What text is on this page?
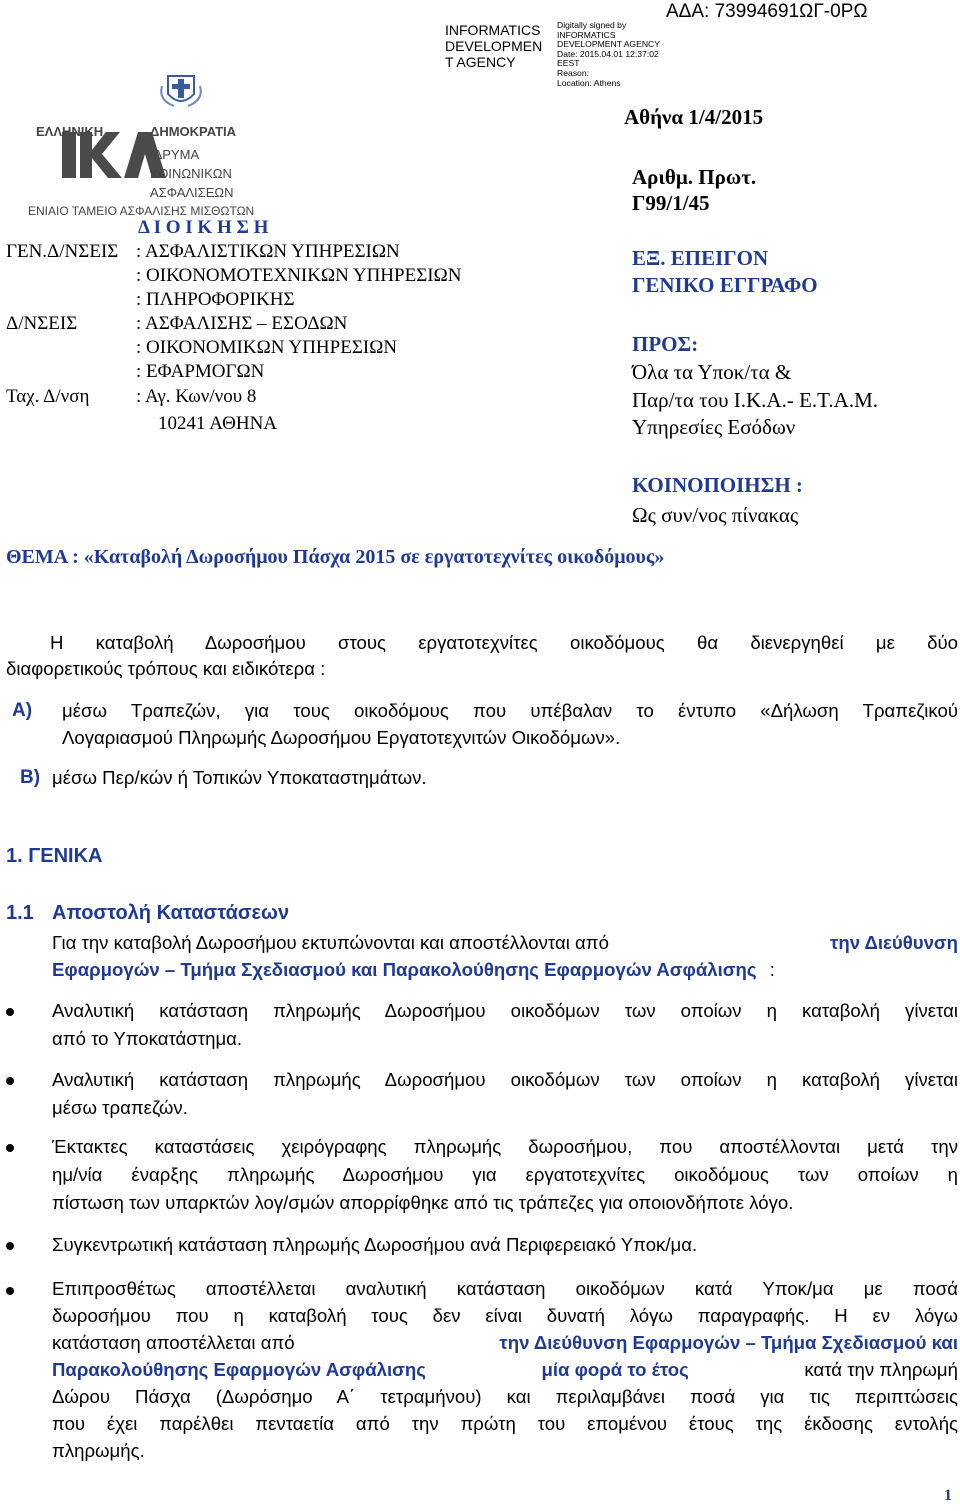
INFORMATICS
DEVELOPMEN
T AGENCY
Digitally signed by
INFORMATICS
DEVELOPMENT AGENCY
Date: 2015.04.01 12:37:02
EEST
Reason:
Location: Athens
ΑΔΑ: 73994691ΩΓ-0ΡΩ
ΕΛΛΗΝΙΚΗ	ΔΗΜΟΚΡΑΤΙΑ
ΙΔΡΥΜΑ
ΚΟΙΝΩΝΙΚΩΝ
ΑΣΦΑΛΙΣΕΩΝ
ΕΝΙΑΙΟ ΤΑΜΕΙΟ ΑΣΦΑΛΙΣΗΣ ΜΙΣΘΩΤΩΝ
Δ Ι Ο Ι Κ Η Σ Η
ΓΕΝ.Δ/ΝΣΕΙΣ : ΑΣΦΑΛΙΣΤΙΚΩΝ ΥΠΗΡΕΣΙΩΝ
: ΟΙΚΟΝΟΜΟΤΕΧΝΙΚΩΝ ΥΠΗΡΕΣΙΩΝ
: ΠΛΗΡΟΦΟΡΙΚΗΣ
Δ/ΝΣΕΙΣ	: ΑΣΦΑΛΙΣΗΣ – ΕΣΟΔΩΝ
: ΟΙΚΟΝΟΜΙΚΩΝ ΥΠΗΡΕΣΙΩΝ
: ΕΦΑΡΜΟΓΩΝ
Ταχ. Δ/νση : Αγ. Κων/νου 8
10241 ΑΘΗΝΑ
Αθήνα 1/4/2015
Αριθμ. Πρωτ.
Γ99/1/45
ΕΞ. ΕΠΕΙΓΟΝ
ΓΕΝΙΚΟ ΕΓΓΡΑΦΟ
ΠΡΟΣ:
Όλα τα Υποκ/τα &
Παρ/τα του Ι.Κ.Α.- Ε.Τ.Α.Μ.
Υπηρεσίες Εσόδων
ΚΟΙΝΟΠΟΙΗΣΗ :
Ως συν/νος πίνακας
ΘΕΜΑ : «Καταβολή Δωροσήμου Πάσχα 2015 σε εργατοτεχνίτες οικοδόμους»
Η καταβολή Δωροσήμου στους εργατοτεχνίτες οικοδόμους θα διενεργηθεί με δύο
διαφορετικούς τρόπους και ειδικότερα :
Α) μέσω Τραπεζών, για τους οικοδόμους που υπέβαλαν το έντυπο «Δήλωση Τραπεζικού
Λογαριασμού Πληρωμής Δωροσήμου Εργατοτεχνιτών Οικοδόμων».
Β) μέσω Περ/κών ή Τοπικών Υποκαταστημάτων.
1. ΓΕΝΙΚΑ
1.1 Αποστολή Καταστάσεων
Για την καταβολή Δωροσήμου εκτυπώνονται και αποστέλλονται από	την Διεύθυνση
Εφαρμογών – Τμήμα Σχεδιασμού και Παρακολούθησης Εφαρμογών Ασφάλισης :
Αναλυτική κατάσταση πληρωμής Δωροσήμου οικοδόμων των οποίων η καταβολή γίνεται
από το Υποκατάστημα.
Αναλυτική κατάσταση πληρωμής Δωροσήμου οικοδόμων των οποίων η καταβολή γίνεται
μέσω τραπεζών.
Έκτακτες καταστάσεις χειρόγραφης πληρωμής δωροσήμου, που αποστέλλονται μετά την
ημ/νία έναρξης πληρωμής Δωροσήμου για εργατοτεχνίτες οικοδόμους των οποίων η
πίστωση των υπαρκτών λογ/σμών απορρίφθηκε από τις τράπεζες για οποιονδήποτε λόγο.
Συγκεντρωτική κατάσταση πληρωμής Δωροσήμου ανά Περιφερειακό Υποκ/μα.
Επιπροσθέτως αποστέλλεται αναλυτική κατάσταση οικοδόμων κατά Υποκ/μα με ποσά
δωροσήμου που η καταβολή τους δεν είναι δυνατή λόγω παραγραφής. Η εν λόγω
κατάσταση αποστέλλεται από	την Διεύθυνση Εφαρμογών – Τμήμα Σχεδιασμού και
Παρακολούθησης Εφαρμογών Ασφάλισης	μία φορά το έτος	κατά την πληρωμή
Δώρου Πάσχα (Δωρόσημο Α΄ τετραμήνου) και περιλαμβάνει ποσά για τις περιπτώσεις
που έχει παρέλθει πενταετία από την πρώτη του επομένου έτους της έκδοσης εντολής
πληρωμής.
1
